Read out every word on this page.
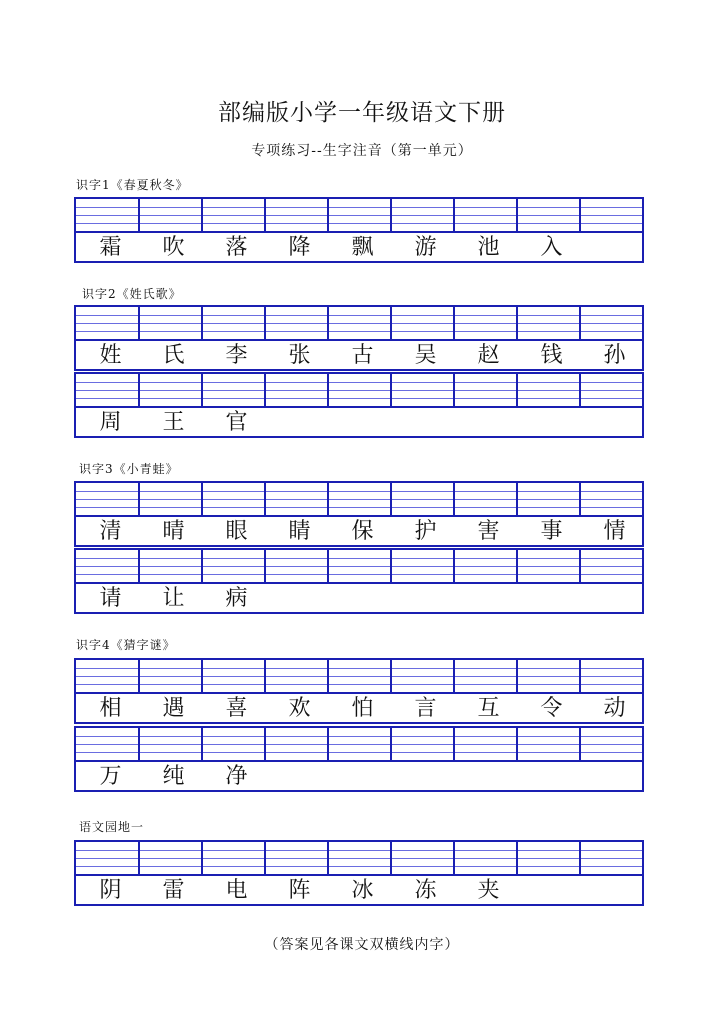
部编版小学一年级语文下册
专项练习--生字注音（第一单元）
识字1《春夏秋冬》
识字2《姓氏歌》
识字3《小青蛙》
识字4《猜字谜》
语文园地一
霜	吹	落	降	飘	游	池	入
姓	氏	李	张	古	吴	赵	钱	孙
周	王	官
清	晴	眼	睛	保	护	害	事	情
请	让	病
相	遇	喜	欢	怕	言	互	令	动
万	纯	净
阴	雷	电	阵	冰	冻	夹
（答案见各课文双横线内字）
